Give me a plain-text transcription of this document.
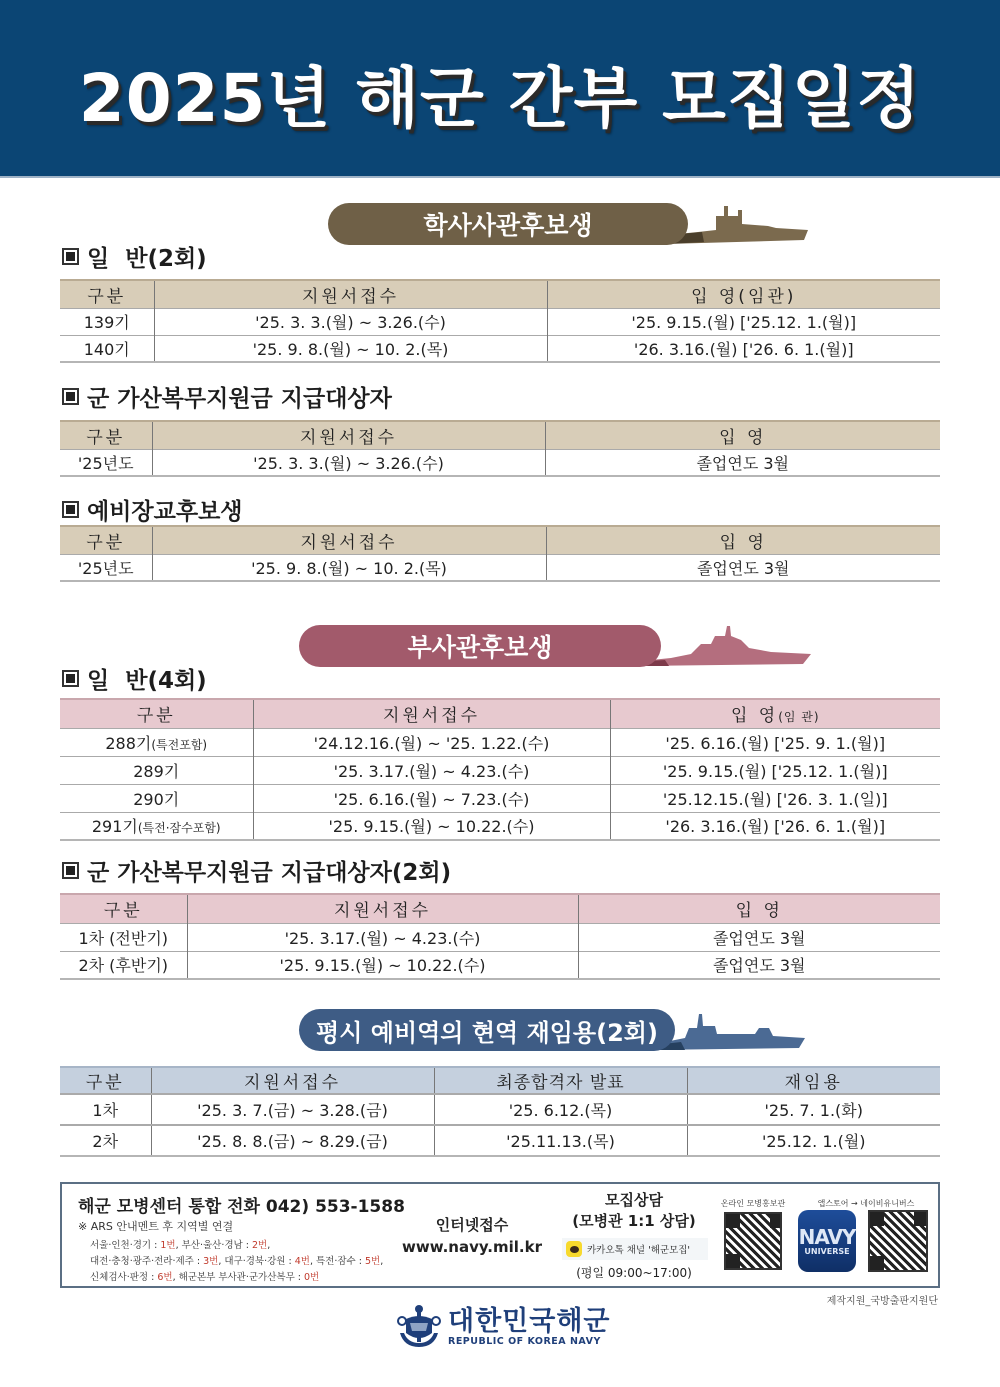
2025년 해군 간부 모집일정
학사사관후보생
일  반(2회)
구분	지원서접수	입 영(임관)
139기	'25. 3. 3.(월) ~ 3.26.(수)	'25. 9.15.(월) ['25.12. 1.(월)]
140기	'25. 9. 8.(월) ~ 10. 2.(목)	'26. 3.16.(월) ['26. 6. 1.(월)]
군 가산복무지원금 지급대상자
구분	지원서접수	입 영
'25년도	'25. 3. 3.(월) ~ 3.26.(수)	졸업연도 3월
예비장교후보생
구분	지원서접수	입 영
'25년도	'25. 9. 8.(월) ~ 10. 2.(목)	졸업연도 3월
부사관후보생
일  반(4회)
구분	지원서접수	입 영(임 관)
288기(특전포함)	'24.12.16.(월) ~ '25. 1.22.(수)	'25. 6.16.(월) ['25. 9. 1.(월)]
289기	'25. 3.17.(월) ~ 4.23.(수)	'25. 9.15.(월) ['25.12. 1.(월)]
290기	'25. 6.16.(월) ~ 7.23.(수)	'25.12.15.(월) ['26. 3. 1.(일)]
291기(특전·잠수포함)	'25. 9.15.(월) ~ 10.22.(수)	'26. 3.16.(월) ['26. 6. 1.(월)]
군 가산복무지원금 지급대상자(2회)
구분	지원서접수	입 영
1차 (전반기)	'25. 3.17.(월) ~ 4.23.(수)	졸업연도 3월
2차 (후반기)	'25. 9.15.(월) ~ 10.22.(수)	졸업연도 3월
평시 예비역의 현역 재임용(2회)
구분	지원서접수	최종합격자 발표	재임용
1차	'25. 3. 7.(금) ~ 3.28.(금)	'25. 6.12.(목)	'25. 7. 1.(화)
2차	'25. 8. 8.(금) ~ 8.29.(금)	'25.11.13.(목)	'25.12. 1.(월)
해군 모병센터 통합 전화 042) 553-1588
※ ARS 안내멘트 후 지역별 연결
서울·인천·경기 : 1번, 부산·울산·경남 : 2번,
대전·충청·광주·전라·제주 : 3번, 대구·경북·강원 : 4번, 특전·잠수 : 5번,
신체검사·판정 : 6번, 해군본부 부사관·군가산복무 : 0번
인터넷접수
www.navy.mil.kr
모집상담
(모병관 1:1 상담)
카카오톡 채널 '해군모집'
(평일 09:00~17:00)
온라인 모병홍보관	앱스토어 → 네이비유니버스
NAVY
UNIVERSE
제작지원_국방출판지원단
대한민국해군
REPUBLIC OF KOREA NAVY
